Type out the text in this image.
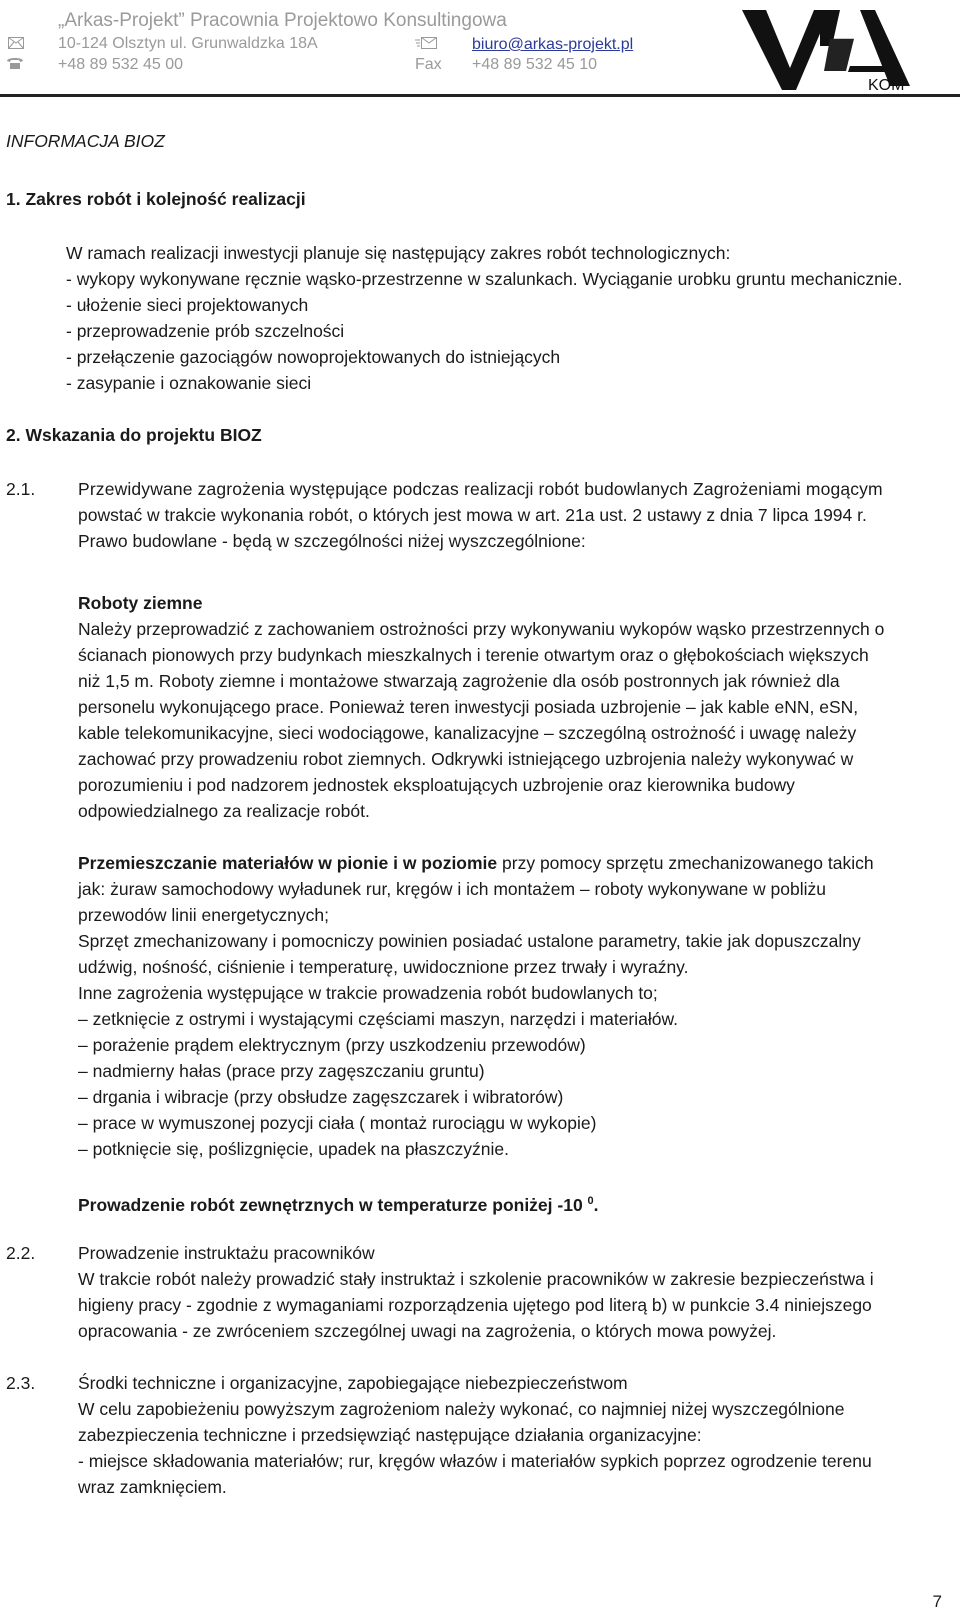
„Arkas-Projekt” Pracownia Projektowo Konsultingowa
10-124 Olsztyn ul. Grunwaldzka 18A	biuro@arkas-projekt.pl
+48 89 532 45 00	Fax +48 89 532 45 10
KOM
INFORMACJA BIOZ
1. Zakres robót i kolejność realizacji
W ramach realizacji inwestycji planuje się następujący zakres robót technologicznych:
- wykopy wykonywane ręcznie wąsko-przestrzenne w szalunkach. Wyciąganie urobku gruntu mechanicznie.
- ułożenie sieci projektowanych
- przeprowadzenie prób szczelności
- przełączenie gazociągów nowoprojektowanych do istniejących
- zasypanie i oznakowanie sieci
2. Wskazania do projektu BIOZ
2.1. Przewidywane zagrożenia występujące podczas realizacji robót budowlanych Zagrożeniami mogącym
powstać w trakcie wykonania robót, o których jest mowa w art. 21a ust. 2 ustawy z dnia 7 lipca 1994 r.
Prawo budowlane - będą w szczególności niżej wyszczególnione:
Roboty ziemne
Należy przeprowadzić z zachowaniem ostrożności przy wykonywaniu wykopów wąsko przestrzennych o
ścianach pionowych przy budynkach mieszkalnych i terenie otwartym oraz o głębokościach większych
niż 1,5 m. Roboty ziemne i montażowe stwarzają zagrożenie dla osób postronnych jak również dla
personelu wykonującego prace. Ponieważ teren inwestycji posiada uzbrojenie – jak kable eNN, eSN,
kable telekomunikacyjne, sieci wodociągowe, kanalizacyjne – szczególną ostrożność i uwagę należy
zachować przy prowadzeniu robot ziemnych. Odkrywki istniejącego uzbrojenia należy wykonywać w
porozumieniu i pod nadzorem jednostek eksploatujących uzbrojenie oraz kierownika budowy
odpowiedzialnego za realizacje robót.
Przemieszczanie materiałów w pionie i w poziomie przy pomocy sprzętu zmechanizowanego takich
jak: żuraw samochodowy wyładunek rur, kręgów i ich montażem – roboty wykonywane w pobliżu
przewodów linii energetycznych;
Sprzęt zmechanizowany i pomocniczy powinien posiadać ustalone parametry, takie jak dopuszczalny
udźwig, nośność, ciśnienie i temperaturę, uwidocznione przez trwały i wyraźny.
Inne zagrożenia występujące w trakcie prowadzenia robót budowlanych to;
– zetknięcie z ostrymi i wystającymi częściami maszyn, narzędzi i materiałów.
– porażenie prądem elektrycznym (przy uszkodzeniu przewodów)
– nadmierny hałas (prace przy zagęszczaniu gruntu)
– drgania i wibracje (przy obsłudze zagęszczarek i wibratorów)
– prace w wymuszonej pozycji ciała ( montaż rurociągu w wykopie)
– potknięcie się, poślizgnięcie, upadek na płaszczyźnie.
Prowadzenie robót zewnętrznych w temperaturze poniżej -10 $^0$.
2.2. Prowadzenie instruktażu pracowników
W trakcie robót należy prowadzić stały instruktaż i szkolenie pracowników w zakresie bezpieczeństwa i
higieny pracy - zgodnie z wymaganiami rozporządzenia ujętego pod literą b) w punkcie 3.4 niniejszego
opracowania - ze zwróceniem szczególnej uwagi na zagrożenia, o których mowa powyżej.
2.3. Środki techniczne i organizacyjne, zapobiegające niebezpieczeństwom
W celu zapobieżeniu powyższym zagrożeniom należy wykonać, co najmniej niżej wyszczególnione
zabezpieczenia techniczne i przedsięwziąć następujące działania organizacyjne:
- miejsce składowania materiałów; rur, kręgów włazów i materiałów sypkich poprzez ogrodzenie terenu
wraz zamknięciem.
7
